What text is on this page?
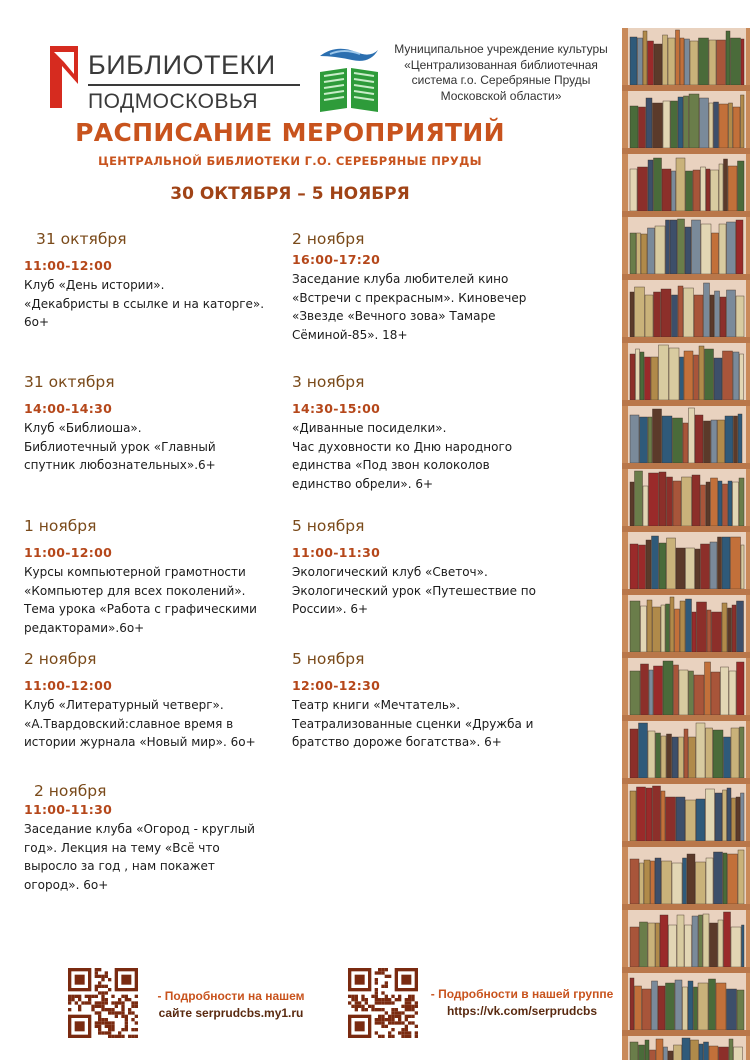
БИБЛИОТЕКИ
ПОДМОСКОВЬЯ
Муниципальное учреждение культуры
«Централизованная библиотечная
система г.о. Серебряные Пруды
Московской области»
РАСПИСАНИЕ МЕРОПРИЯТИЙ
ЦЕНТРАЛЬНОЙ БИБЛИОТЕКИ Г.О. СЕРЕБРЯНЫЕ ПРУДЫ
30 ОКТЯБРЯ – 5 НОЯБРЯ
31 октября
11:00-12:00
Клуб «День истории».
«Декабристы в ссылке и на каторге».
6o+
2 ноября
16:00-17:20
Заседание клуба любителей кино
«Встречи с прекрасным». Киновечер
«Звезде «Вечного зова» Тамаре
Сёминой-85». 18+
31 октября
14:00-14:30
Клуб «Библиоша».
Библиотечный урок «Главный
спутник любознательных».6+
3 ноября
14:30-15:00
«Диванные посиделки».
Час духовности ко Дню народного
единства «Под звон колоколов
единство обрели». 6+
1 ноября
11:00-12:00
Курсы компьютерной грамотности
«Компьютер для всех поколений».
Тема урока «Работа с графическими
редакторами».6o+
5 ноября
11:00-11:30
Экологический клуб «Светоч».
Экологический урок «Путешествие по
России». 6+
2 ноября
11:00-12:00
Клуб «Литературный четверг».
«А.Твардовский:славное время в
истории журнала «Новый мир». 6o+
5 ноября
12:00-12:30
Театр книги «Мечтатель».
Театрализованные сценки «Дружба и
братство дороже богатства». 6+
2 ноября
11:00-11:30
Заседание клуба «Огород - круглый
год». Лекция на тему «Всё что
выросло за год , нам покажет
огород». 6o+
- Подробности на нашем
сайте serprudcbs.my1.ru
- Подробности в нашей группе
https://vk.com/serprudcbs
